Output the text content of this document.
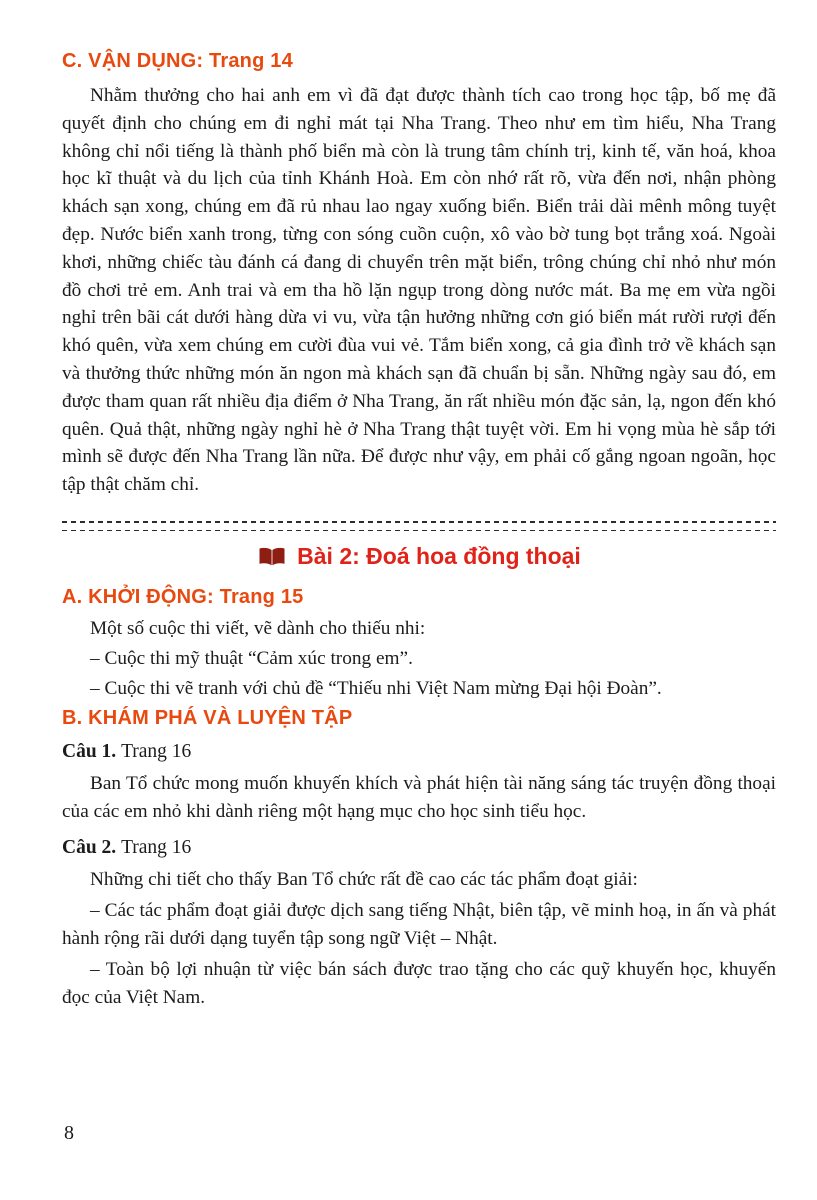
C. VẬN DỤNG: Trang 14

Nhằm thưởng cho hai anh em vì đã đạt được thành tích cao trong học tập, bố mẹ đã quyết định cho chúng em đi nghỉ mát tại Nha Trang. Theo như em tìm hiểu, Nha Trang không chỉ nổi tiếng là thành phố biển mà còn là trung tâm chính trị, kinh tế, văn hoá, khoa học kĩ thuật và du lịch của tỉnh Khánh Hoà. Em còn nhớ rất rõ, vừa đến nơi, nhận phòng khách sạn xong, chúng em đã rủ nhau lao ngay xuống biển. Biển trải dài mênh mông tuyệt đẹp. Nước biển xanh trong, từng con sóng cuồn cuộn, xô vào bờ tung bọt trắng xoá. Ngoài khơi, những chiếc tàu đánh cá đang di chuyển trên mặt biển, trông chúng chỉ nhỏ như món đồ chơi trẻ em. Anh trai và em tha hồ lặn ngụp trong dòng nước mát. Ba mẹ em vừa ngồi nghỉ trên bãi cát dưới hàng dừa vi vu, vừa tận hưởng những cơn gió biển mát rười rượi đến khó quên, vừa xem chúng em cười đùa vui vẻ. Tắm biển xong, cả gia đình trở về khách sạn và thưởng thức những món ăn ngon mà khách sạn đã chuẩn bị sẵn. Những ngày sau đó, em được tham quan rất nhiều địa điểm ở Nha Trang, ăn rất nhiều món đặc sản, lạ, ngon đến khó quên. Quả thật, những ngày nghỉ hè ở Nha Trang thật tuyệt vời. Em hi vọng mùa hè sắp tới mình sẽ được đến Nha Trang lần nữa. Để được như vậy, em phải cố gắng ngoan ngoãn, học tập thật chăm chỉ.

Bài 2: Đoá hoa đồng thoại
A. KHỞI ĐỘNG: Trang 15

Một số cuộc thi viết, vẽ dành cho thiếu nhi:

– Cuộc thi mỹ thuật “Cảm xúc trong em”.

– Cuộc thi vẽ tranh với chủ đề “Thiếu nhi Việt Nam mừng Đại hội Đoàn”.

B. KHÁM PHÁ VÀ LUYỆN TẬP
Câu 1. Trang 16

Ban Tổ chức mong muốn khuyến khích và phát hiện tài năng sáng tác truyện đồng thoại của các em nhỏ khi dành riêng một hạng mục cho học sinh tiểu học.

Câu 2. Trang 16

Những chi tiết cho thấy Ban Tổ chức rất đề cao các tác phẩm đoạt giải:

– Các tác phẩm đoạt giải được dịch sang tiếng Nhật, biên tập, vẽ minh hoạ, in ấn và phát hành rộng rãi dưới dạng tuyển tập song ngữ Việt – Nhật.

– Toàn bộ lợi nhuận từ việc bán sách được trao tặng cho các quỹ khuyến học, khuyến đọc của Việt Nam.

8
